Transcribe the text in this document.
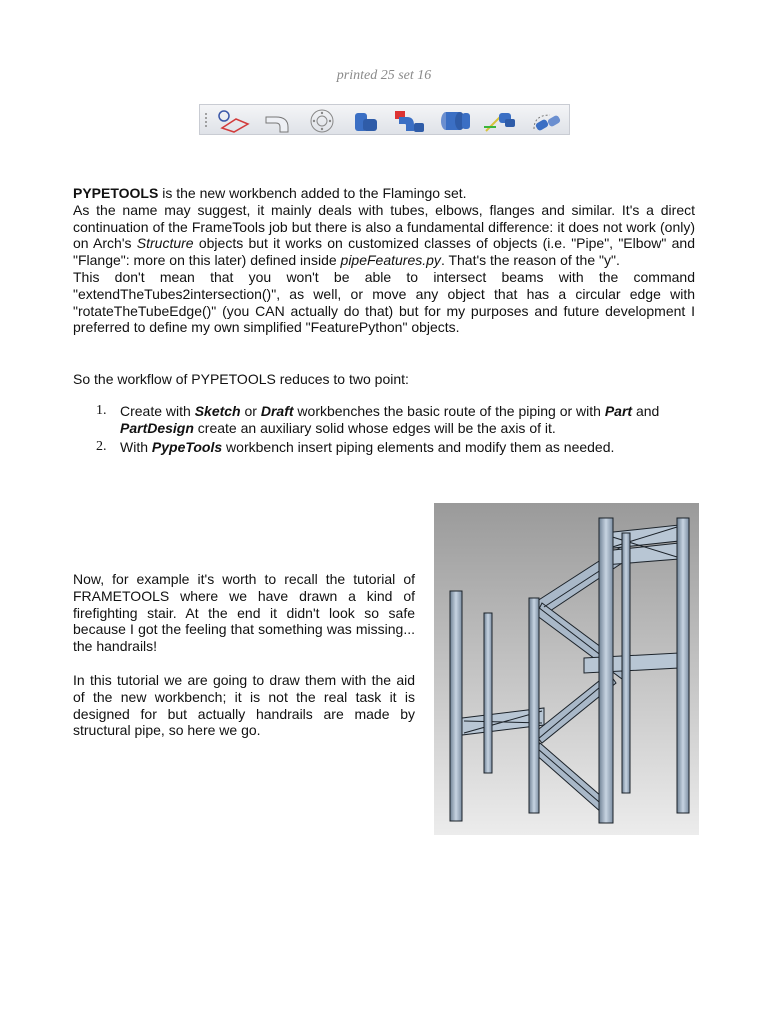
printed 25 set 16

PYPETOOLS is the new workbench added to the Flamingo set.

As the name may suggest, it mainly deals with tubes, elbows, flanges and similar. It's a direct continuation of the FrameTools job but there is also a fundamental difference: it does not work (only) on Arch's Structure objects but it works on customized classes of objects (i.e. "Pipe", "Elbow" and "Flange": more on this later) defined inside pipeFeatures.py. That's the reason of the "y".

This don't mean that you won't be able to intersect beams with the command "extendTheTubes2intersection()", as well, or move any object that has a circular edge with "rotateTheTubeEdge()" (you CAN actually do that) but for my purposes and future development I preferred to define my own simplified "FeaturePython" objects.

So the workflow of PYPETOOLS reduces to two point:
1. Create with Sketch or Draft workbenches the basic route of the piping or with Part and PartDesign create an auxiliary solid whose edges will be the axis of it.
2. With PypeTools workbench insert piping elements and modify them as needed.
Now, for example it's worth to recall the tutorial of FRAMETOOLS where we have drawn a kind of firefighting stair. At the end it didn't look so safe because I got the feeling that something was missing... the handrails!
In this tutorial we are going to draw them with the aid of the new workbench; it is not the real task it is designed for but actually handrails are made by structural pipe, so here we go.
